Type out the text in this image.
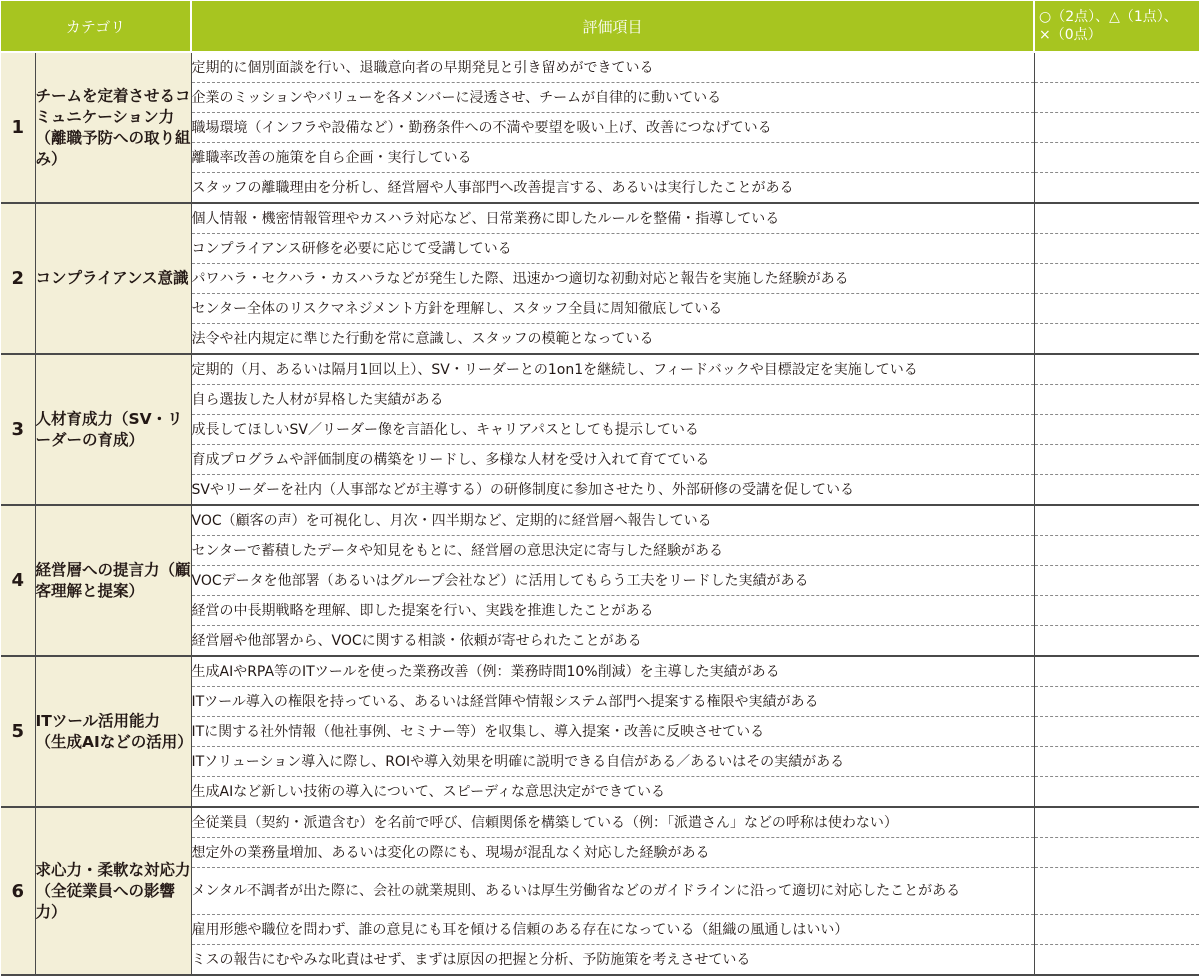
カテゴリ		評価項目	○（2点）、△（1点）、
×（0点）
1	チームを定着させるコミュニケーション力（離職予防への取り組み）	定期的に個別面談を行い、退職意向者の早期発見と引き留めができている	
		企業のミッションやバリューを各メンバーに浸透させ、チームが自律的に動いている	
		職場環境（インフラや設備など）・勤務条件への不満や要望を吸い上げ、改善につなげている	
		離職率改善の施策を自ら企画・実行している	
		スタッフの離職理由を分析し、経営層や人事部門へ改善提言する、あるいは実行したことがある	
2	コンプライアンス意識	個人情報・機密情報管理やカスハラ対応など、日常業務に即したルールを整備・指導している	
		コンプライアンス研修を必要に応じて受講している	
		パワハラ・セクハラ・カスハラなどが発生した際、迅速かつ適切な初動対応と報告を実施した経験がある	
		センター全体のリスクマネジメント方針を理解し、スタッフ全員に周知徹底している	
		法令や社内規定に準じた行動を常に意識し、スタッフの模範となっている	
3	人材育成力（SV・リーダーの育成）	定期的（月、あるいは隔月1回以上）、SV・リーダーとの1on1を継続し、フィードバックや目標設定を実施している	
		自ら選抜した人材が昇格した実績がある	
		成長してほしいSV／リーダー像を言語化し、キャリアパスとしても提示している	
		育成プログラムや評価制度の構築をリードし、多様な人材を受け入れて育てている	
		SVやリーダーを社内（人事部などが主導する）の研修制度に参加させたり、外部研修の受講を促している	
4	経営層への提言力（顧客理解と提案）	VOC（顧客の声）を可視化し、月次・四半期など、定期的に経営層へ報告している	
		センターで蓄積したデータや知見をもとに、経営層の意思決定に寄与した経験がある	
		VOCデータを他部署（あるいはグループ会社など）に活用してもらう工夫をリードした実績がある	
		経営の中長期戦略を理解、即した提案を行い、実践を推進したことがある	
		経営層や他部署から、VOCに関する相談・依頼が寄せられたことがある	
5	ITツール活用能力（生成AIなどの活用）	生成AIやRPA等のITツールを使った業務改善（例：業務時間10%削減）を主導した実績がある	
		ITツール導入の権限を持っている、あるいは経営陣や情報システム部門へ提案する権限や実績がある	
		ITに関する社外情報（他社事例、セミナー等）を収集し、導入提案・改善に反映させている	
		ITソリューション導入に際し、ROIや導入効果を明確に説明できる自信がある／あるいはその実績がある	
		生成AIなど新しい技術の導入について、スピーディな意思決定ができている	
6	求心力・柔軟な対応力（全従業員への影響力）	全従業員（契約・派遣含む）を名前で呼び、信頼関係を構築している（例：「派遣さん」などの呼称は使わない）	
		想定外の業務量増加、あるいは変化の際にも、現場が混乱なく対応した経験がある	
		メンタル不調者が出た際に、会社の就業規則、あるいは厚生労働省などのガイドラインに沿って適切に対応したことがある	
		雇用形態や職位を問わず、誰の意見にも耳を傾ける信頼のある存在になっている（組織の風通しはいい）	
		ミスの報告にむやみな叱責はせず、まずは原因の把握と分析、予防施策を考えさせている	
